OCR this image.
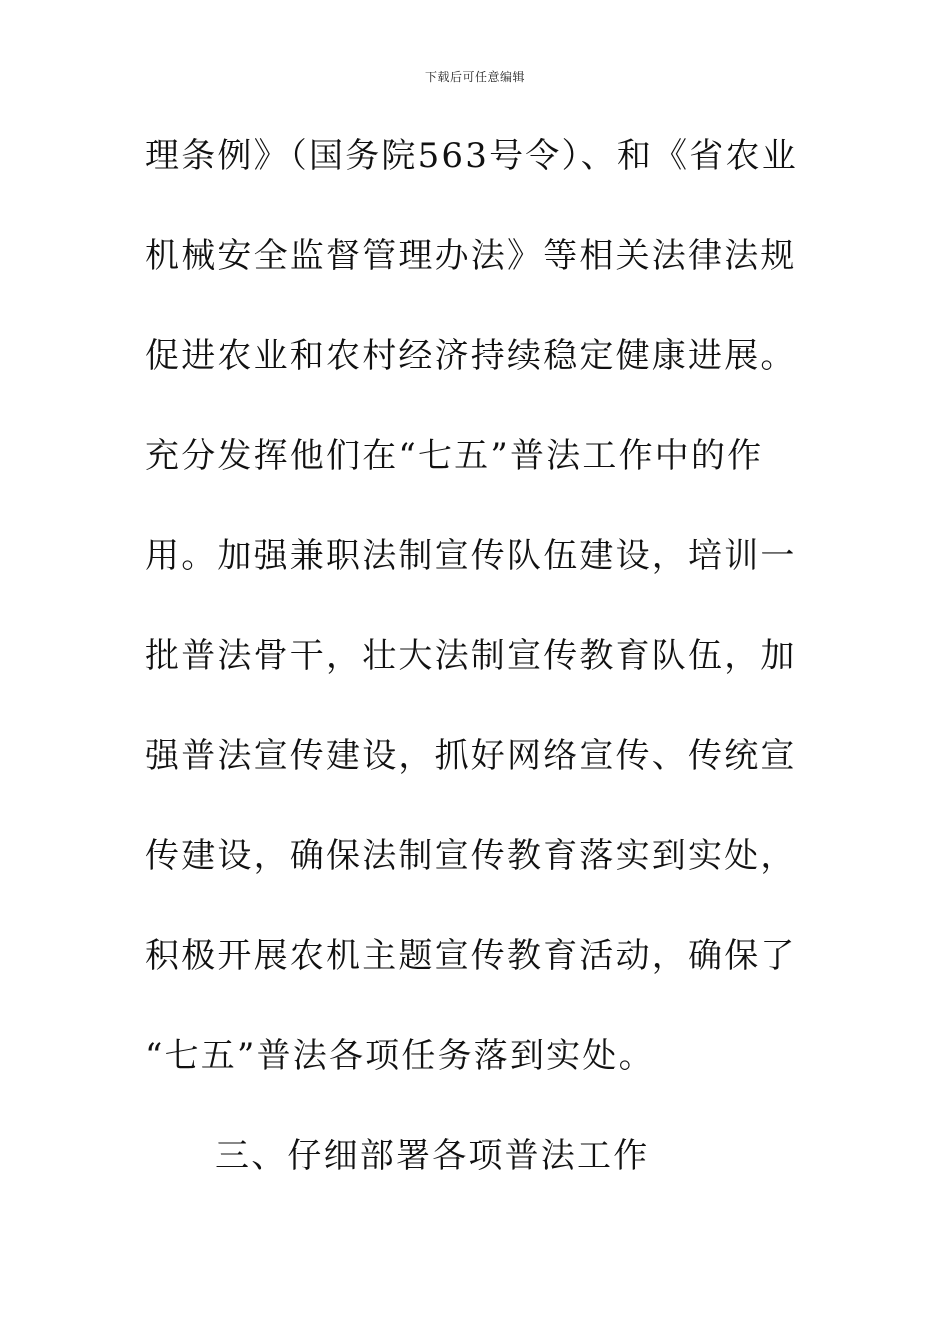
下载后可任意编辑
理条例》（国务院563号令）、和《省农业
机械安全监督管理办法》等相关法律法规
促进农业和农村经济持续稳定健康进展。
充分发挥他们在“七五”普法工作中的作
用。加强兼职法制宣传队伍建设，培训一
批普法骨干，壮大法制宣传教育队伍，加
强普法宣传建设，抓好网络宣传、传统宣
传建设，确保法制宣传教育落实到实处，
积极开展农机主题宣传教育活动，确保了
“七五”普法各项任务落到实处。
三、仔细部署各项普法工作
